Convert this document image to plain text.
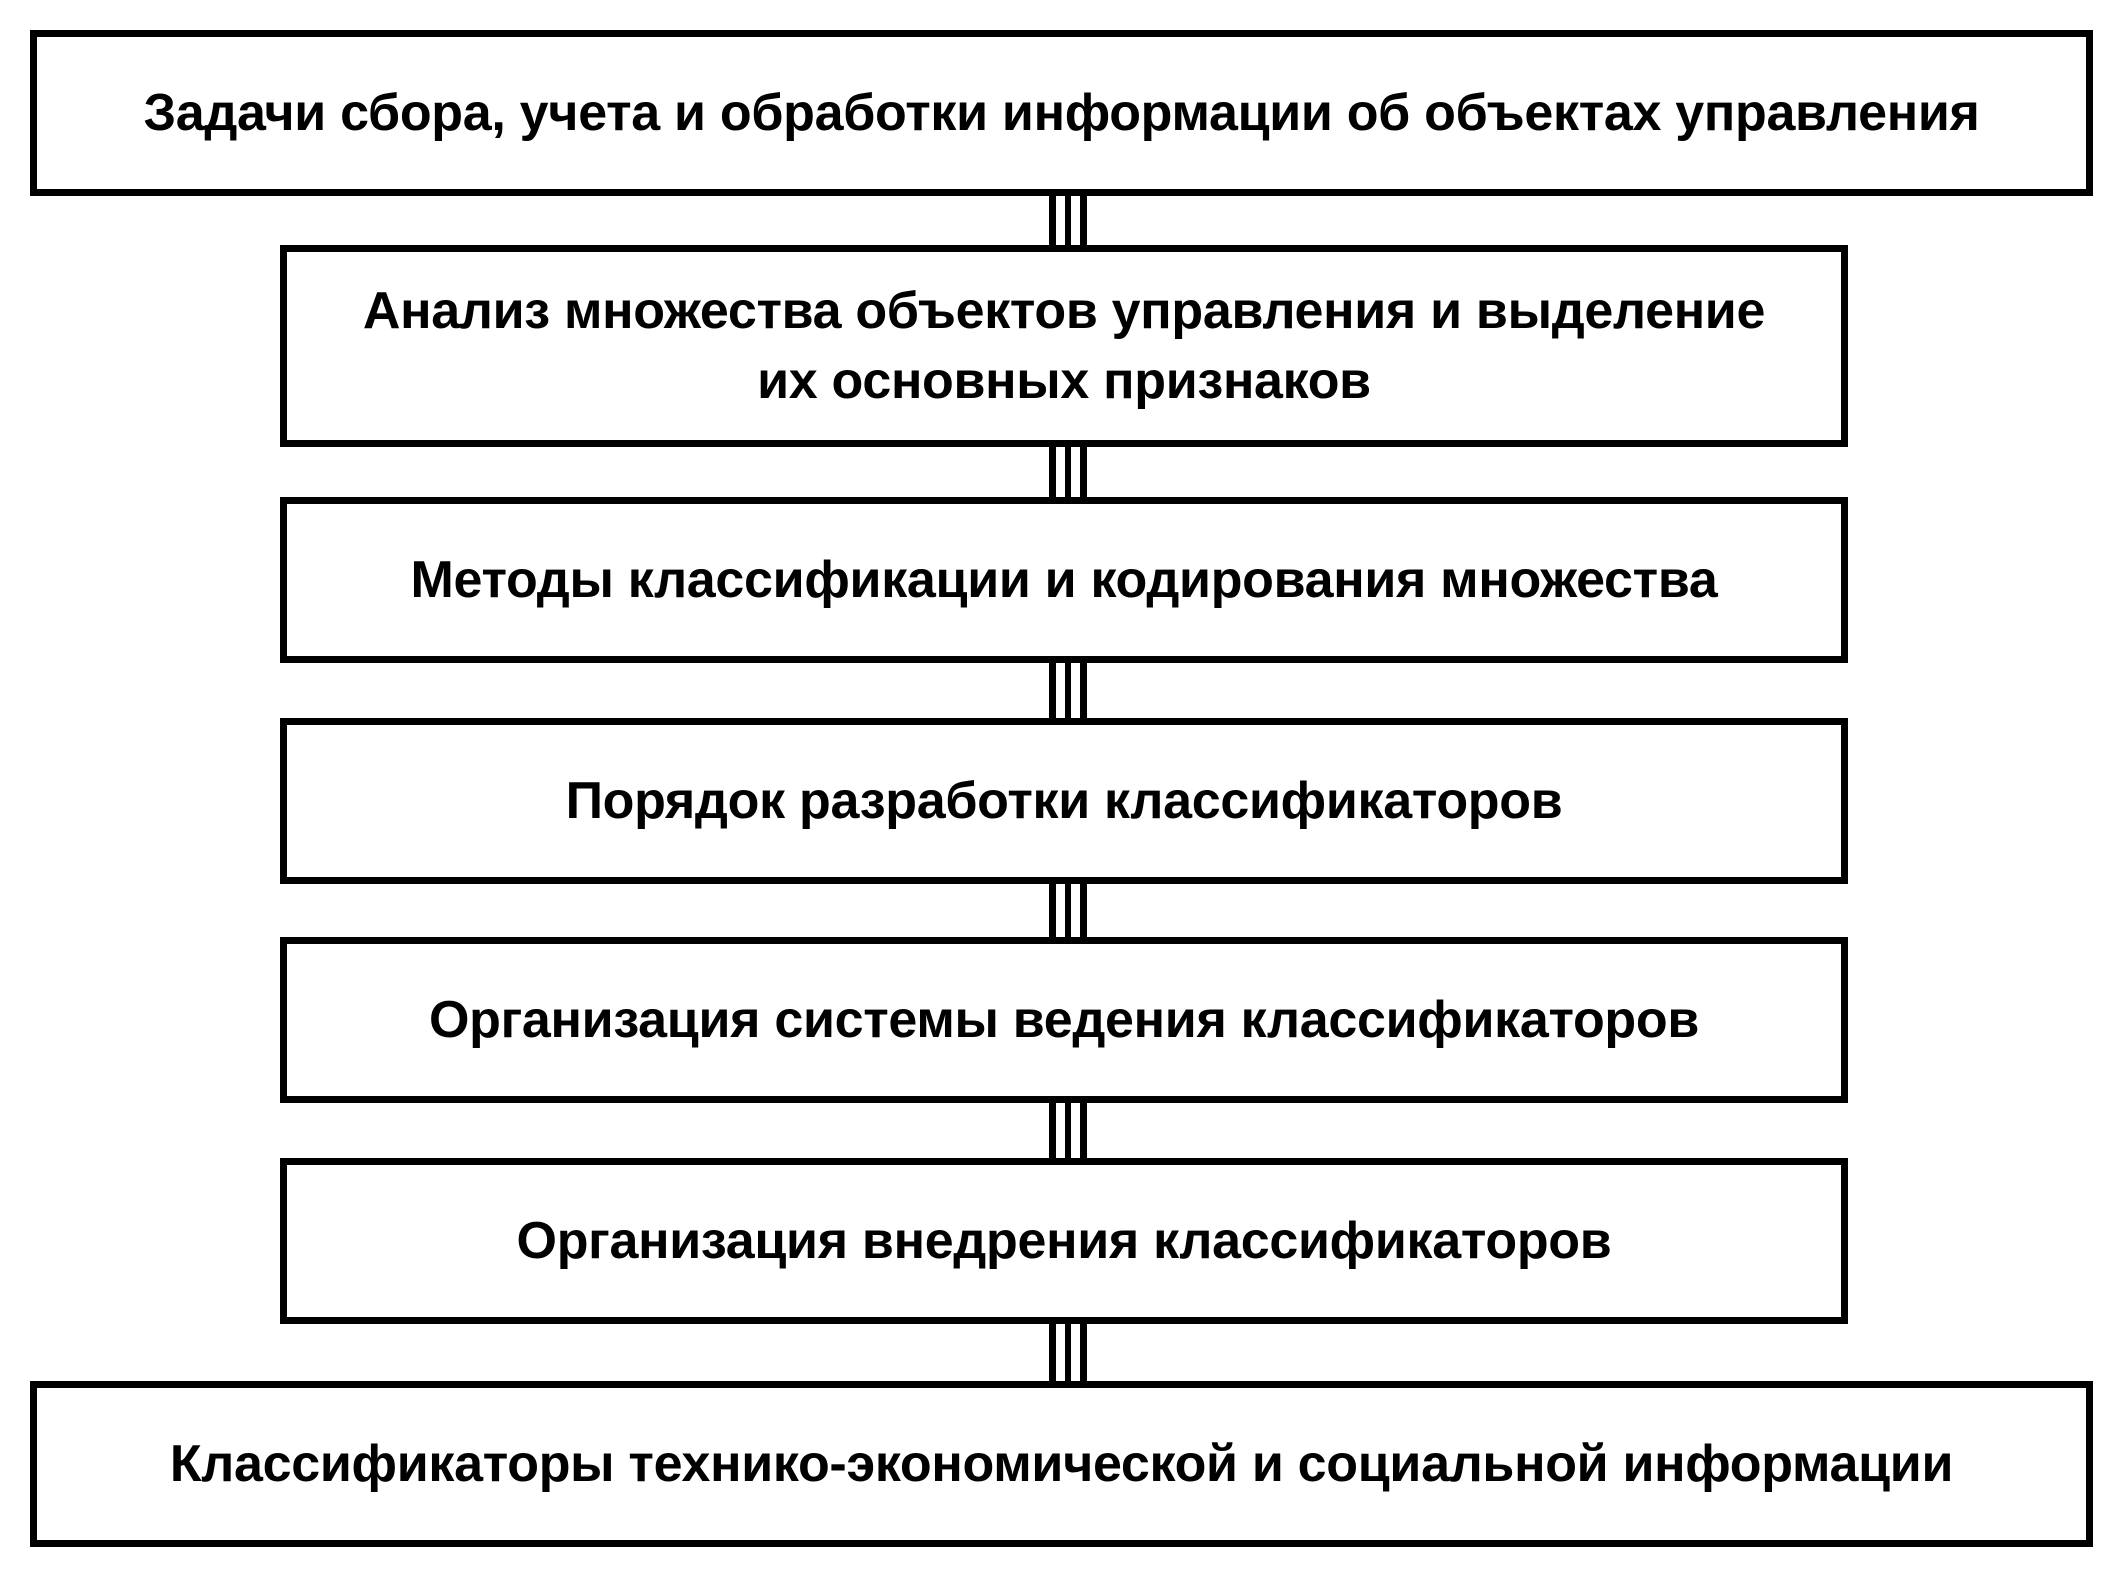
Задачи сбора, учета и обработки информации об объектах управления
Анализ множества объектов управления и выделение
их основных признаков
Методы классификации и кодирования множества
Порядок разработки классификаторов
Организация системы ведения классификаторов
Организация внедрения классификаторов
Классификаторы технико-экономической и социальной информации
